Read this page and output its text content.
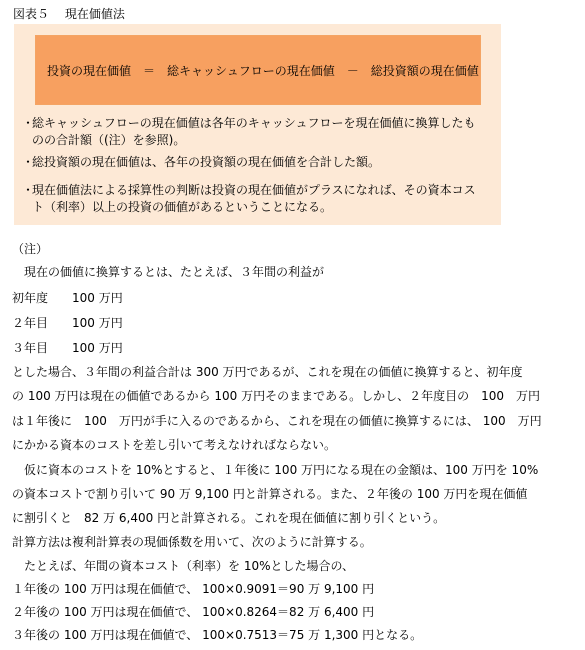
図表５　 現在価値法
投資の現在価値　＝　総キャッシュフローの現在価値　－　総投資額の現在価値
・
総キャッシュフローの現在価値は各年のキャッシュフローを現在価値に換算したものの合計額（(注）を参照)。
・
総投資額の現在価値は、各年の投資額の現在価値を合計した額。
・
現在価値法による採算性の判断は投資の現在価値がプラスになれば、その資本コスト（利率）以上の投資の価値があるということになる。
（注）
　現在の価値に換算するとは、たとえば、３年間の利益が
初年度　　100 万円
２年目　　100 万円
３年目　　100 万円
とした場合、３年間の利益合計は 300 万円であるが、これを現在の価値に換算すると、初年度
の 100 万円は現在の価値であるから 100 万円そのままである。しかし、２年度目の　100　万円
は１年後に　100　万円が手に入るのであるから、これを現在の価値に換算するには、 100　万円
にかかる資本のコストを差し引いて考えなければならない。
　仮に資本のコストを 10%とすると、１年後に 100 万円になる現在の金額は、100 万円を 10%
の資本コストで割り引いて 90 万 9,100 円と計算される。また、２年後の 100 万円を現在価値
に割引くと　82 万 6,400 円と計算される。これを現在価値に割り引くという。
計算方法は複利計算表の現価係数を用いて、次のように計算する。
　たとえば、年間の資本コスト（利率）を 10%とした場合の、
１年後の 100 万円は現在価値で、 100×0.9091＝90 万 9,100 円
２年後の 100 万円は現在価値で、 100×0.8264＝82 万 6,400 円
３年後の 100 万円は現在価値で、 100×0.7513＝75 万 1,300 円となる。
